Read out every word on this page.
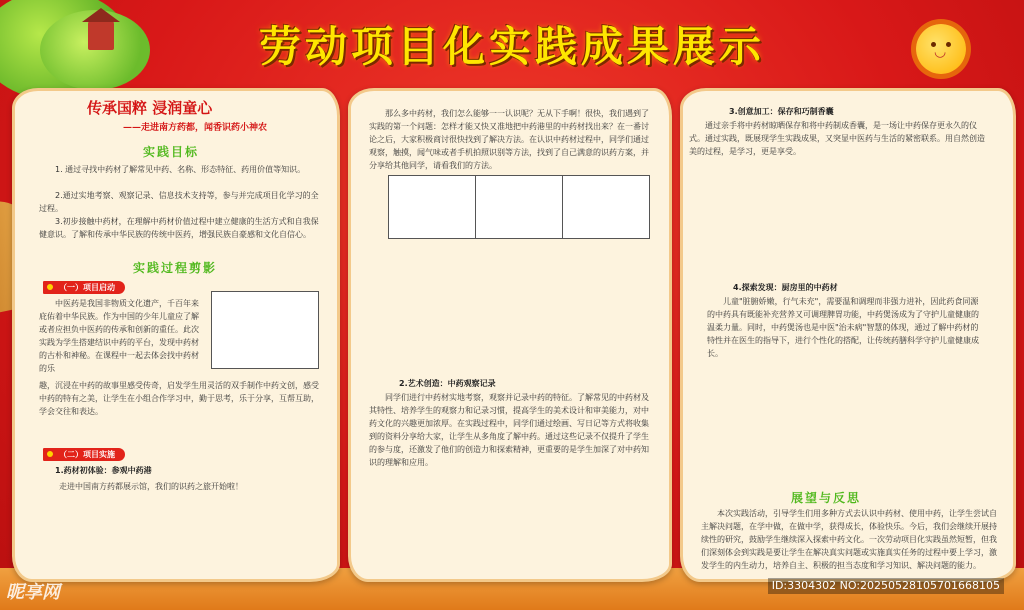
◡
劳动项目化实践成果展示
传承国粹 浸润童心
——走进南方药都，闻香识药小神农
实践目标
1. 通过寻找中药材了解常见中药、名称、形态特征、药用价值等知识。
2.通过实地考察、观察记录、信息技术支持等，参与并完成项目化学习的全过程。
3.初步接触中药材，在理解中药材价值过程中建立健康的生活方式和自我保健意识。了解和传承中华民族的传统中医药，增强民族自豪感和文化自信心。
实践过程剪影
（一）项目启动
中医药是我国非物质文化遗产，千百年来庇佑着中华民族。作为中国的少年儿童应了解或者应担负中医药的传承和创新的重任。此次实践为学生搭建结识中药的平台，发现中药材的古朴和神秘。在课程中一起去体会找中药材的乐
趣，沉浸在中药的故事里感受传奇，启发学生用灵活的双手制作中药文创，感受中药的特有之美，让学生在小组合作学习中，勤于思考，乐于分享，互帮互助，学会交往和表达。
（二）项目实施
1.药材初体验：参观中药港
走进中国南方药都展示馆，我们的识药之旅开始啦！
那么多中药材，我们怎么能够一一认识呢？无从下手啊！很快，我们遇到了实践的第一个问题：怎样才能又快又准地把中药港里的中药材找出来？在一番讨论之后，大家积极商讨很快找到了解决方法。在认识中药材过程中，同学们通过观察，触摸，闻气味或者手机拍照识别等方法，找到了自己满意的识药方案，并分享给其他同学，请看我们的方法。
2.艺术创造：中药观察记录
同学们进行中药材实地考察，观察并记录中药的特征。了解常见的中药材及其特性、培养学生的观察力和记录习惯，提高学生的美术设计和审美能力，对中药文化的兴趣更加浓厚。在实践过程中，同学们通过绘画、写日记等方式将收集到的资料分享给大家，让学生从多角度了解中药。通过这些记录不仅提升了学生的参与度，还激发了他们的创造力和探索精神，更重要的是学生加深了对中药知识的理解和应用。
3.创意加工：保存和巧制香囊
通过亲手将中药材晾晒保存和将中药制成香囊，是一场让中药保存更永久的仪式。通过实践，既展现学生实践成果，又突显中医药与生活的紧密联系。用自然创造美的过程，是学习，更是享受。
4.探索发现：厨房里的中药材
儿童"脏腑娇嫩，行气未充"，需要温和调理而非强力进补，因此药食同源的中药具有既能补充营养又可调理脾胃功能，中药煲汤成为了守护儿童健康的温柔力量。同时，中药煲汤也是中医"治未病"智慧的体现，通过了解中药材的特性并在医生的指导下，进行个性化的搭配，让传统药膳科学守护儿童健康成长。
展望与反思
本次实践活动，引导学生们用多种方式去认识中药材、使用中药，让学生尝试自主解决问题，在学中做，在做中学，获得成长，体验快乐。今后，我们会继续开展持续性的研究，鼓励学生继续深入探索中药文化。一次劳动项目化实践虽然短暂，但我们深刻体会到实践是要让学生在解决真实问题或实施真实任务的过程中要上学习，激发学生的内生动力，培养自主、积极的担当态度和学习知识、解决问题的能力。
昵享网	ID:3304302 NO:20250528105701668105
